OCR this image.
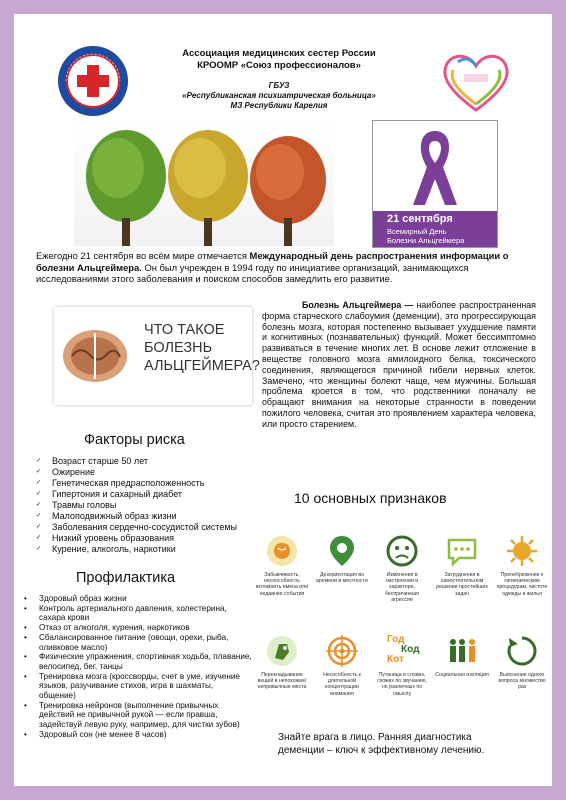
Ассоциация медицинских сестер России
КРООМР «Союз профессионалов»
ГБУЗ
«Республиканская психиатрическая больница»
МЗ Республики Карелия
21 сентября
Всемирный День
Болезни Альцгеймера
Ежегодно 21 сентября во всём мире отмечается Международный день распространения информации о болезни Альцгеймера. Он был учрежден в 1994 году по инициативе организаций, занимающихся исследованиями этого заболевания и поиском способов замедлить его развитие.
ЧТО ТАКОЕ
БОЛЕЗНЬ
АЛЬЦГЕЙМЕРА?
Болезнь Альцгеймера — наиболее распространенная форма старческого слабоумия (деменции), это прогрессирующая болезнь мозга, которая постепенно вызывает ухудшение памяти и когнитивных (познавательных) функций. Может бессимптомно развиваться в течение многих лет. В основе лежит отложение в веществе головного мозга амилоидного белка, токсического соединения, являющегося причиной гибели нервных клеток. Замечено, что женщины болеют чаще, чем мужчины. Большая проблема кроется в том, что родственники поначалу не обращают внимания на некоторые странности в поведении пожилого человека, считая это проявлением характера человека, или просто старением.
Факторы риска
✓ Возраст старше 50 лет
✓ Ожирение
✓ Генетическая предрасположенность
✓ Гипертония и сахарный диабет
✓ Травмы головы
✓ Малоподвижный образ жизни
✓ Заболевания сердечно-сосудистой системы
✓ Низкий уровень образования
✓ Курение, алкоголь, наркотики
Профилактика
• Здоровый образ жизни
• Контроль артериального давления, холестерина, сахара крови
• Отказ от алкоголя, курения, наркотиков
• Сбалансированное питание (овощи, орехи, рыба, оливковое масло)
• Физические упражнения, спортивная ходьба, плавание, велосипед, бег, танцы
• Тренировка мозга (кроссворды, счет в уме, изучение языков, разучивание стихов, игра в шахматы, общение)
• Тренировка нейронов (выполнение привычных действий не привычной рукой — если правша, задействуй левую руку, например, для чистки зубов)
• Здоровый сон (не менее 8 часов)
10 основных признаков
Забывчивость, неспособность вспомнить имена или недавние события
Дезориентация во времени и местности
Изменения в настроении и характере, беспричинная агрессия
Затруднения в самостоятельном решении простейших задач
Пренебрежение к гигиеническим процедурам, чистоте одежды и жилья
Перекладывание вещей в непохожие/непривычные места
Несособность к длительной концентрации внимания
Год
Код
Кот
Путаница в словах, схожих по звучанию, но различных по смыслу
Социальная изоляция	Выяснение одного вопроса множество раз
Знайте врага в лицо. Ранняя диагностика
деменции – ключ к эффективному лечению.
